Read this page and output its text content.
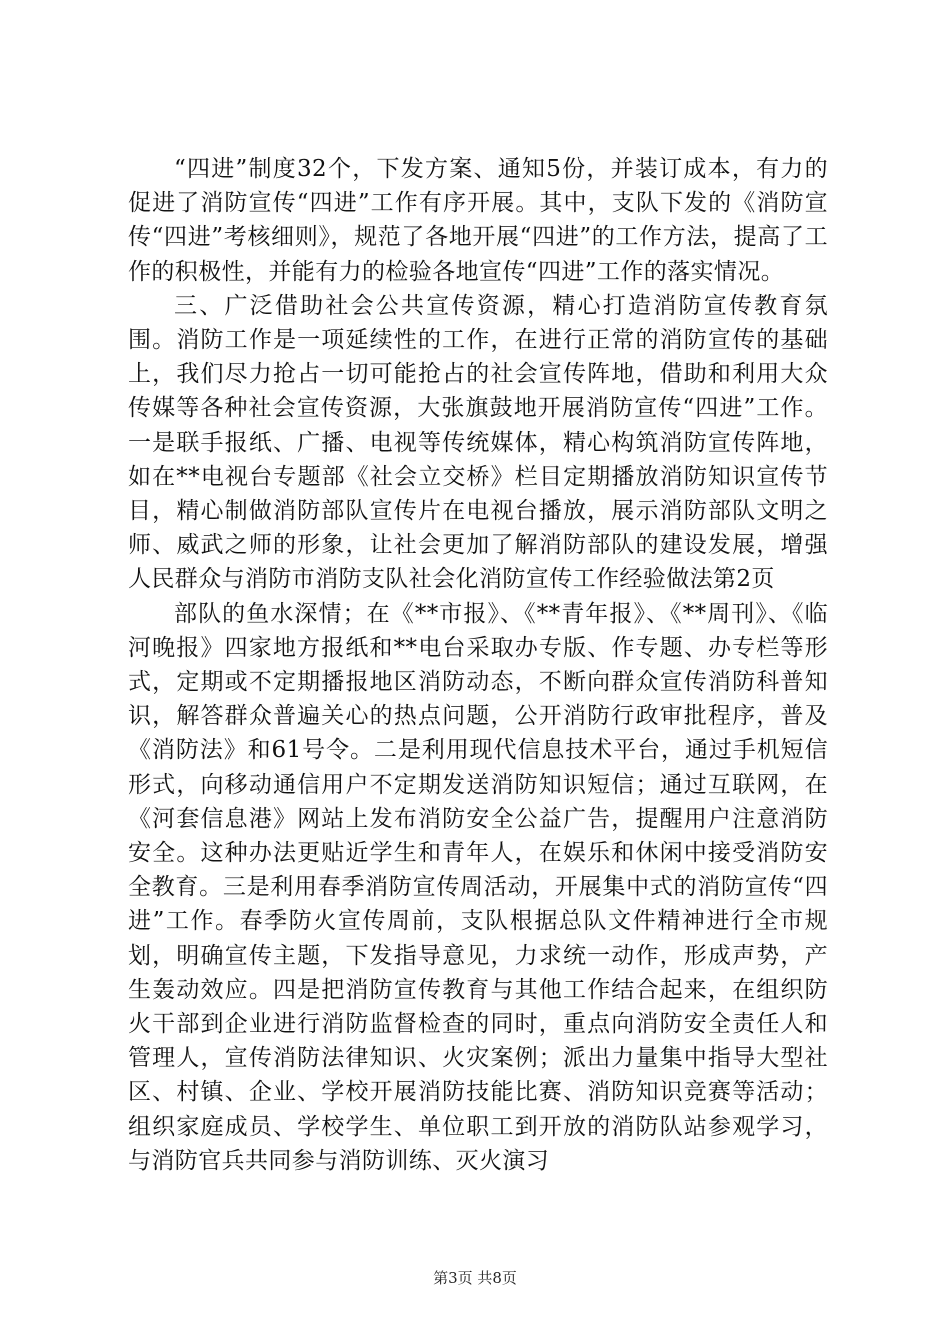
“四进”制度32个，下发方案、通知5份，并装订成本，有力的促进了消防宣传“四进”工作有序开展。其中，支队下发的《消防宣传“四进”考核细则》，规范了各地开展“四进”的工作方法，提高了工作的积极性，并能有力的检验各地宣传“四进”工作的落实情况。

三、广泛借助社会公共宣传资源，精心打造消防宣传教育氛围。消防工作是一项延续性的工作，在进行正常的消防宣传的基础上，我们尽力抢占一切可能抢占的社会宣传阵地，借助和利用大众传媒等各种社会宣传资源，大张旗鼓地开展消防宣传“四进”工作。一是联手报纸、广播、电视等传统媒体，精心构筑消防宣传阵地，如在**电视台专题部《社会立交桥》栏目定期播放消防知识宣传节目，精心制做消防部队宣传片在电视台播放，展示消防部队文明之师、威武之师的形象，让社会更加了解消防部队的建设发展，增强人民群众与消防市消防支队社会化消防宣传工作经验做法第2页

部队的鱼水深情；在《**市报》、《**青年报》、《**周刊》、《临河晚报》四家地方报纸和**电台采取办专版、作专题、办专栏等形式，定期或不定期播报地区消防动态，不断向群众宣传消防科普知识，解答群众普遍关心的热点问题，公开消防行政审批程序，普及《消防法》和61号令。二是利用现代信息技术平台，通过手机短信形式，向移动通信用户不定期发送消防知识短信；通过互联网，在《河套信息港》网站上发布消防安全公益广告，提醒用户注意消防安全。这种办法更贴近学生和青年人，在娱乐和休闲中接受消防安全教育。三是利用春季消防宣传周活动，开展集中式的消防宣传“四进”工作。春季防火宣传周前，支队根据总队文件精神进行全市规划，明确宣传主题，下发指导意见，力求统一动作，形成声势，产生轰动效应。四是把消防宣传教育与其他工作结合起来，在组织防火干部到企业进行消防监督检查的同时，重点向消防安全责任人和管理人，宣传消防法律知识、火灾案例；派出力量集中指导大型社区、村镇、企业、学校开展消防技能比赛、消防知识竞赛等活动；组织家庭成员、学校学生、单位职工到开放的消防队站参观学习，与消防官兵共同参与消防训练、灭火演习

第3页 共8页
